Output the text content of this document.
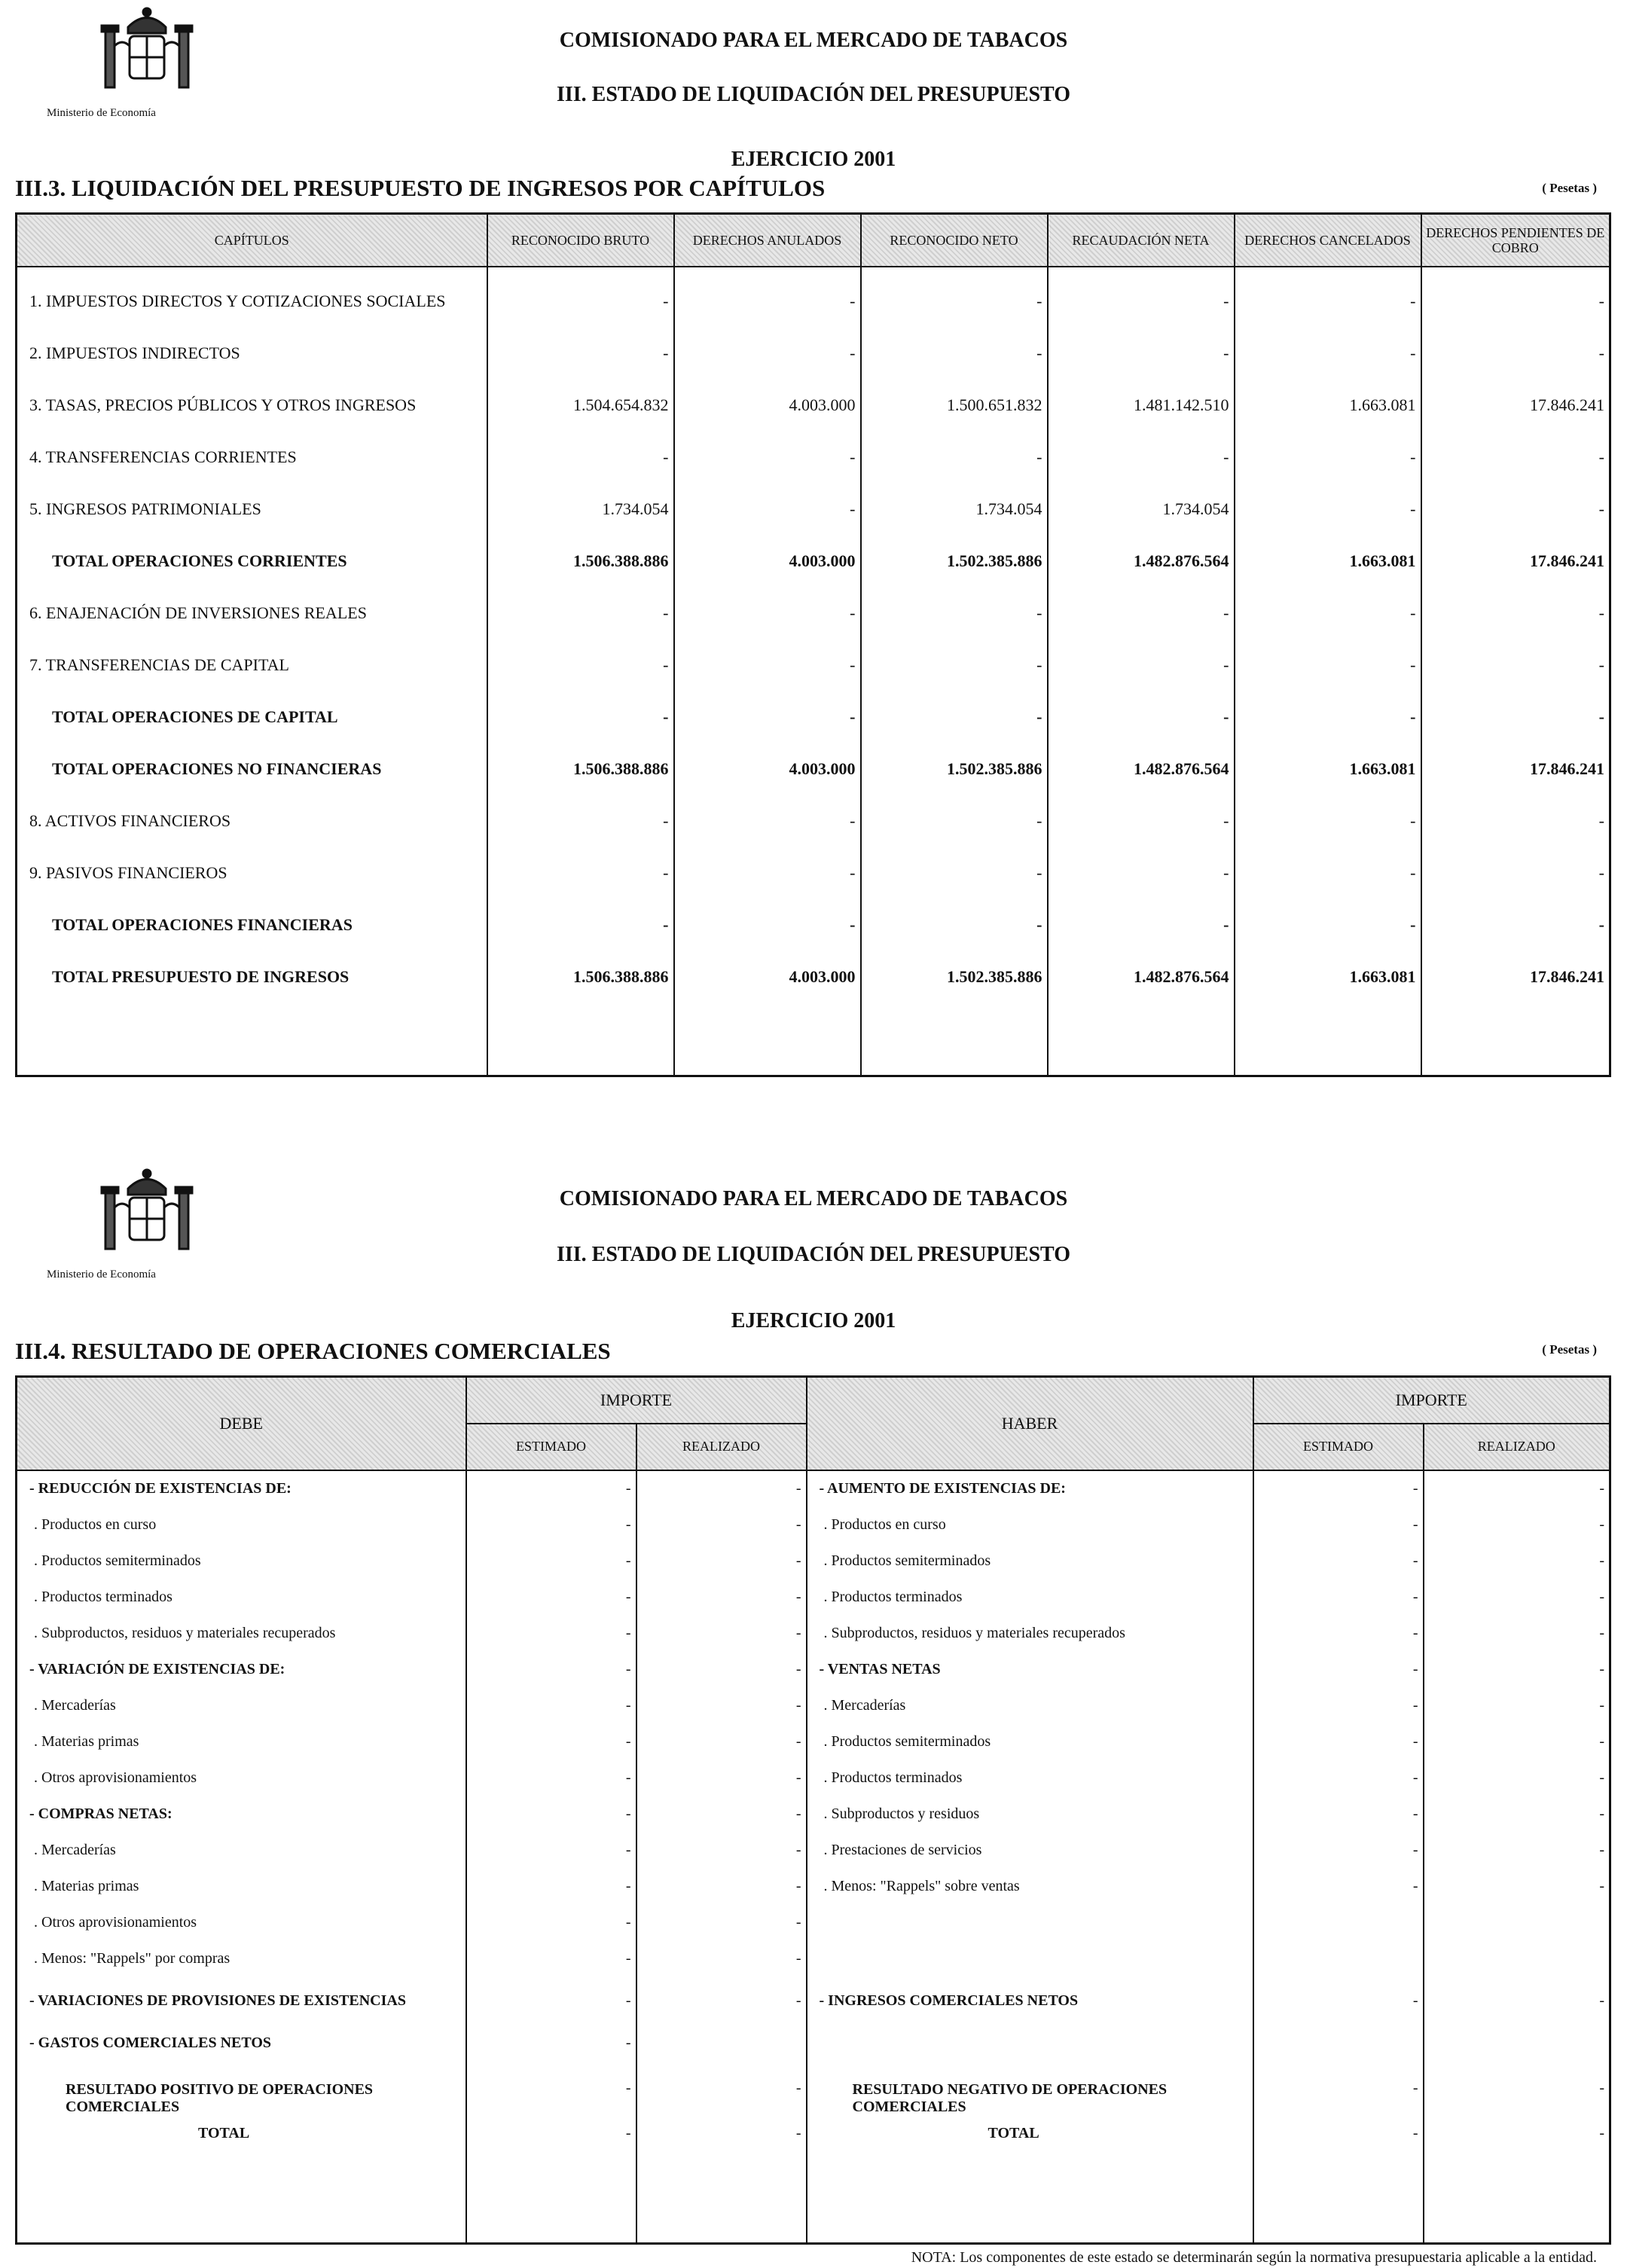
Ministerio de Economía
COMISIONADO PARA EL MERCADO DE TABACOS
III. ESTADO DE LIQUIDACIÓN DEL PRESUPUESTO
EJERCICIO 2001
III.3. LIQUIDACIÓN DEL PRESUPUESTO DE INGRESOS POR CAPÍTULOS	( Pesetas )
CAPÍTULOS	RECONOCIDO BRUTO	DERECHOS ANULADOS	RECONOCIDO NETO	RECAUDACIÓN NETA	DERECHOS CANCELADOS	DERECHOS PENDIENTES DE COBRO
1. IMPUESTOS DIRECTOS Y COTIZACIONES SOCIALES	-	-	-	-	-	-
2. IMPUESTOS INDIRECTOS	-	-	-	-	-	-
3. TASAS, PRECIOS PÚBLICOS Y OTROS INGRESOS	1.504.654.832	4.003.000	1.500.651.832	1.481.142.510	1.663.081	17.846.241
4. TRANSFERENCIAS CORRIENTES	-	-	-	-	-	-
5. INGRESOS PATRIMONIALES	1.734.054	-	1.734.054	1.734.054	-	-
TOTAL OPERACIONES CORRIENTES	1.506.388.886	4.003.000	1.502.385.886	1.482.876.564	1.663.081	17.846.241
6. ENAJENACIÓN DE INVERSIONES REALES	-	-	-	-	-	-
7. TRANSFERENCIAS DE CAPITAL	-	-	-	-	-	-
TOTAL OPERACIONES DE CAPITAL	-	-	-	-	-	-
TOTAL OPERACIONES NO FINANCIERAS	1.506.388.886	4.003.000	1.502.385.886	1.482.876.564	1.663.081	17.846.241
8. ACTIVOS FINANCIEROS	-	-	-	-	-	-
9. PASIVOS FINANCIEROS	-	-	-	-	-	-
TOTAL OPERACIONES FINANCIERAS	-	-	-	-	-	-
TOTAL PRESUPUESTO DE INGRESOS	1.506.388.886	4.003.000	1.502.385.886	1.482.876.564	1.663.081	17.846.241

Ministerio de Economía
COMISIONADO PARA EL MERCADO DE TABACOS
III. ESTADO DE LIQUIDACIÓN DEL PRESUPUESTO
EJERCICIO 2001
III.4. RESULTADO DE OPERACIONES COMERCIALES	( Pesetas )
DEBE	IMPORTE		HABER	IMPORTE	
	ESTIMADO	REALIZADO		ESTIMADO	REALIZADO
- REDUCCIÓN DE EXISTENCIAS DE:	-	-	- AUMENTO DE EXISTENCIAS DE:	-	-
. Productos en curso	-	-	. Productos en curso	-	-
. Productos semiterminados	-	-	. Productos semiterminados	-	-
. Productos terminados	-	-	. Productos terminados	-	-
. Subproductos, residuos y materiales recuperados	-	-	. Subproductos, residuos y materiales recuperados	-	-
- VARIACIÓN DE EXISTENCIAS DE:	-	-	- VENTAS NETAS	-	-
. Mercaderías	-	-	. Mercaderías	-	-
. Materias primas	-	-	. Productos semiterminados	-	-
. Otros aprovisionamientos	-	-	. Productos terminados	-	-
- COMPRAS NETAS:	-	-	. Subproductos y residuos	-	-
. Mercaderías	-	-	. Prestaciones de servicios	-	-
. Materias primas	-	-	. Menos: "Rappels" sobre ventas	-	-
. Otros aprovisionamientos	-	-			
. Menos: "Rappels" por compras	-	-			
- VARIACIONES DE PROVISIONES DE EXISTENCIAS	-	-	- INGRESOS COMERCIALES NETOS	-	-
- GASTOS COMERCIALES NETOS	-				
RESULTADO POSITIVO DE OPERACIONES COMERCIALES	-	-	RESULTADO NEGATIVO DE OPERACIONES COMERCIALES	-	-
TOTAL	-	-	TOTAL	-	-

NOTA: Los componentes de este estado se determinarán según la normativa presupuestaria aplicable a la entidad.
